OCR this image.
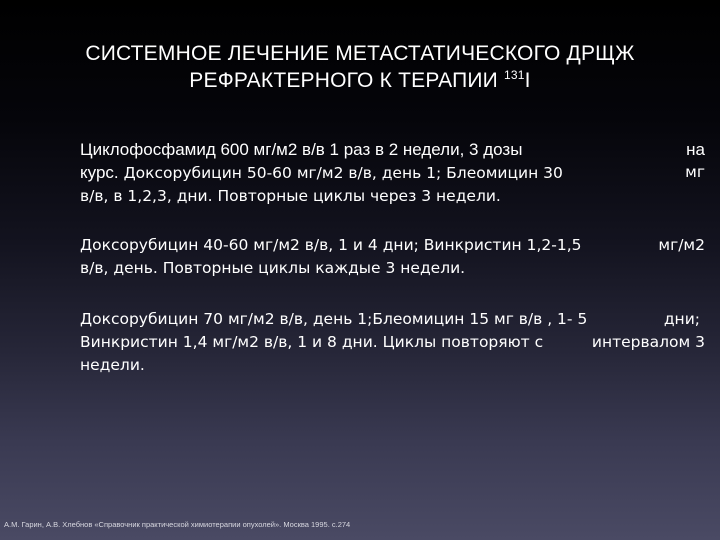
СИСТЕМНОЕ ЛЕЧЕНИЕ МЕТАСТАТИЧЕСКОГО ДРЩЖ
РЕФРАКТЕРНОГО К ТЕРАПИИ $^{131}$I
Циклофосфамид 600 мг/м2 в/в 1 раз в 2 недели, 3 дозы	на
курс. Доксорубицин 50-60 мг/м2 в/в, день 1; Блеомицин 30	мг
в/в, в 1,2,3, дни. Повторные циклы через 3 недели.
Доксорубицин 40-60 мг/м2 в/в, 1 и 4 дни; Винкристин 1,2-1,5	мг/м2
в/в, день. Повторные циклы каждые 3 недели.
Доксорубицин 70 мг/м2 в/в, день 1;Блеомицин 15 мг в/в , 1- 5	дни;
Винкристин 1,4 мг/м2 в/в, 1 и 8 дни. Циклы повторяют с	интервалом 3
недели.
А.М. Гарин, А.В. Хлебнов «Справочник практической химиотерапии опухолей». Москва 1995. с.274
